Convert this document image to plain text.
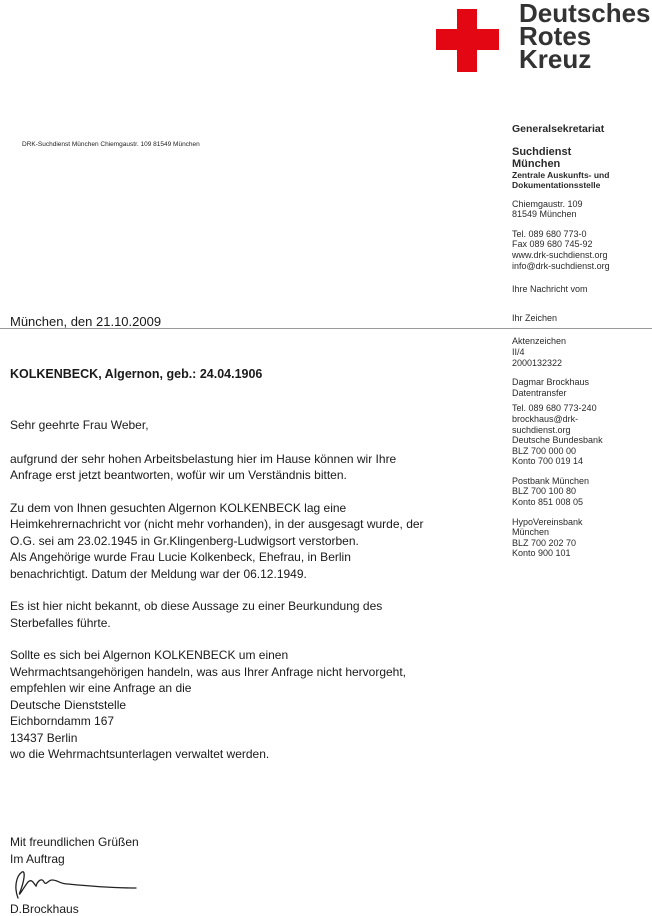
Deutsches
Rotes
Kreuz
DRK-Suchdienst München Chiemgaustr. 109 81549 München
Generalsekretariat
Suchdienst
München
Zentrale Auskunfts- und
Dokumentationsstelle
Chiemgaustr. 109
81549 München
Tel. 089 680 773-0
Fax 089 680 745-92
www.drk-suchdienst.org
info@drk-suchdienst.org
Ihre Nachricht vom
Ihr Zeichen
Aktenzeichen
II/4
2000132322
Dagmar Brockhaus
Datentransfer
Tel. 089 680 773-240
brockhaus@drk-
suchdienst.org
Deutsche Bundesbank
BLZ 700 000 00
Konto 700 019 14
Postbank München
BLZ 700 100 80
Konto 851 008 05
HypoVereinsbank
München
BLZ 700 202 70
Konto 900 101
München, den 21.10.2009
KOLKENBECK, Algernon, geb.: 24.04.1906

Sehr geehrte Frau Weber,

aufgrund der sehr hohen Arbeitsbelastung hier im Hause können wir Ihre
Anfrage erst jetzt beantworten, wofür wir um Verständnis bitten.

Zu dem von Ihnen gesuchten Algernon KOLKENBECK lag eine
Heimkehrernachricht vor (nicht mehr vorhanden), in der ausgesagt wurde, der
O.G. sei am 23.02.1945 in Gr.Klingenberg-Ludwigsort verstorben.
Als Angehörige wurde Frau Lucie Kolkenbeck, Ehefrau, in Berlin
benachrichtigt. Datum der Meldung war der 06.12.1949.

Es ist hier nicht bekannt, ob diese Aussage zu einer Beurkundung des
Sterbefalles führte.

Sollte es sich bei Algernon KOLKENBECK um einen
Wehrmachtsangehörigen handeln, was aus Ihrer Anfrage nicht hervorgeht,
empfehlen wir eine Anfrage an die
Deutsche Dienststelle
Eichborndamm 167
13437 Berlin
wo die Wehrmachtsunterlagen verwaltet werden.

Mit freundlichen Grüßen
Im Auftrag
D.Brockhaus
